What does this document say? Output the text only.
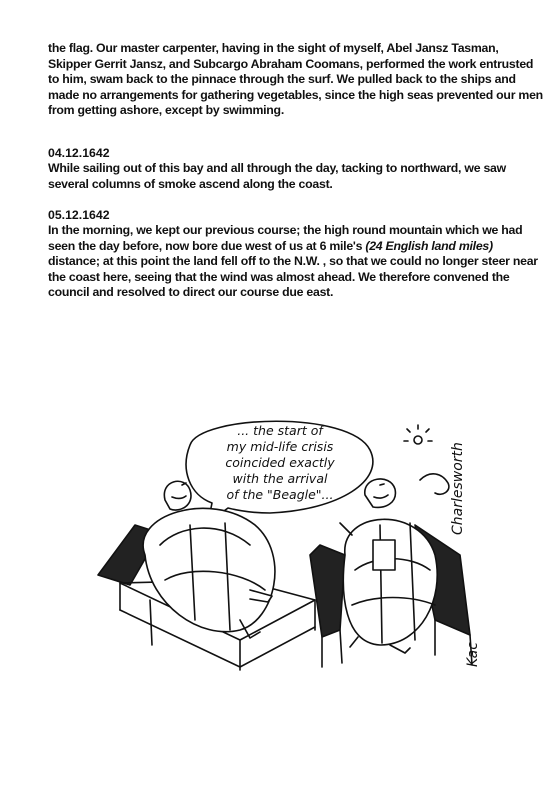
the flag. Our master carpenter, having in the sight of myself, Abel Jansz Tasman, Skipper Gerrit Jansz, and Subcargo Abraham Coomans, performed the work entrusted to him, swam back to the pinnace through the surf. We pulled back to the ships and made no arrangements for gathering vegetables, since the high seas prevented our men from getting ashore, except by swimming.

04.12.1642

While sailing out of this bay and all through the day, tacking to northward, we saw several columns of smoke ascend along the coast.

05.12.1642

In the morning, we kept our previous course; the high round mountain which we had seen the day before, now bore due west of us at 6 mile's (24 English land miles) distance; at this point the land fell off to the N.W. , so that we could no longer steer near the coast here, seeing that the wind was almost ahead. We therefore convened the council and resolved to direct our course due east.

... the start of
my mid-life crisis
coincided exactly
with the arrival
of the "Beagle"...	Charlesworth
Kac
